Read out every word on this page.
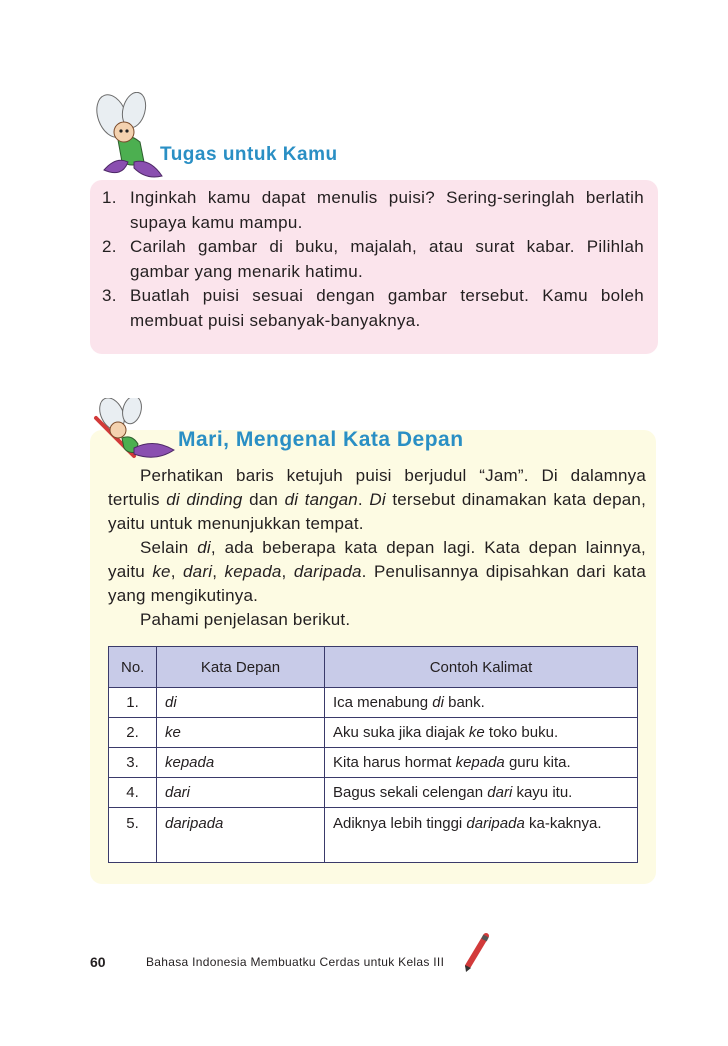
Tugas untuk Kamu
1. Inginkah kamu dapat menulis puisi? Sering-seringlah berlatih supaya kamu mampu.
2. Carilah gambar di buku, majalah, atau surat kabar. Pilihlah gambar yang menarik hatimu.
3. Buatlah puisi sesuai dengan gambar tersebut. Kamu boleh membuat puisi sebanyak-banyaknya.
Mari, Mengenal Kata Depan

Perhatikan baris ketujuh puisi berjudul “Jam”. Di dalamnya tertulis di dinding dan di tangan. Di tersebut dinamakan kata depan, yaitu untuk menunjukkan tempat.

Selain di, ada beberapa kata depan lagi. Kata depan lainnya, yaitu ke, dari, kepada, daripada. Penulisannya dipisahkan dari kata yang mengikutinya.

Pahami penjelasan berikut.

No.	Kata Depan	Contoh Kalimat
1.	di	Ica menabung di bank.
2.	ke	Aku suka jika diajak ke toko buku.
3.	kepada	Kita harus hormat kepada guru kita.
4.	dari	Bagus sekali celengan dari kayu itu.
5.	daripada	Adiknya lebih tinggi daripada ka-kaknya.
60	Bahasa Indonesia Membuatku Cerdas untuk Kelas III
